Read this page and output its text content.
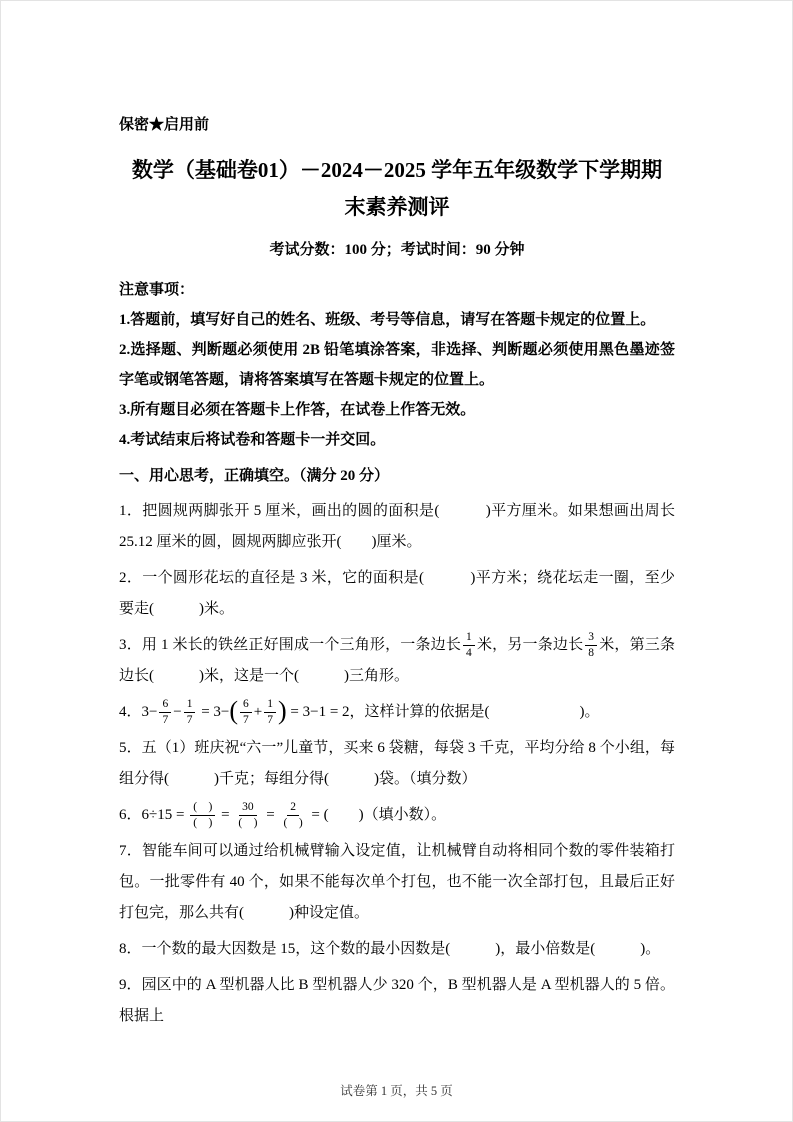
保密★启用前
数学（基础卷01）－2024－2025 学年五年级数学下学期期
末素养测评
考试分数：100 分；考试时间：90 分钟
注意事项：
1.答题前，填写好自己的姓名、班级、考号等信息，请写在答题卡规定的位置上。
2.选择题、判断题必须使用 2B 铅笔填涂答案，非选择、判断题必须使用黑色墨迹签字笔或钢笔答题，请将答案填写在答题卡规定的位置上。
3.所有题目必须在答题卡上作答，在试卷上作答无效。
4.考试结束后将试卷和答题卡一并交回。
一、用心思考，正确填空。（满分 20 分）
1．把圆规两脚张开 5 厘米，画出的圆的面积是(　　　)平方厘米。如果想画出周长 25.12 厘米的圆，圆规两脚应张开(　　)厘米。
2．一个圆形花坛的直径是 3 米，它的面积是(　　　)平方米；绕花坛走一圈，至少要走(　　　)米。
3．用 1 米长的铁丝正好围成一个三角形，一条边长 $\frac{1}{4}$ 米，另一条边长 $\frac{3}{8}$ 米，第三条边长(　　　)米，这是一个(　　　)三角形。
4．$3- \frac{6}{7} - \frac{1}{7} = 3-( \frac{6}{7} + \frac{1}{7}$ ) = 3−1 = 2，这样计算的依据是(　　　　　　)。
5．五（1）班庆祝“六一”儿童节，买来 6 袋糖，每袋 3 千克，平均分给 8 个小组，每组分得(　　　)千克；每组分得(　　　)袋。（填分数）
6．$6\div 15 = \frac{( )}{( )} = \frac{30}{( )} = \frac{2}{( )}$ = (　　)（填小数）。
7．智能车间可以通过给机械臂输入设定值，让机械臂自动将相同个数的零件装箱打包。一批零件有 40 个，如果不能每次单个打包，也不能一次全部打包，且最后正好打包完，那么共有(　　　)种设定值。
8．一个数的最大因数是 15，这个数的最小因数是(　　　)，最小倍数是(　　　)。
9．园区中的 A 型机器人比 B 型机器人少 320 个，B 型机器人是 A 型机器人的 5 倍。根据上
试卷第 1 页，共 5 页
